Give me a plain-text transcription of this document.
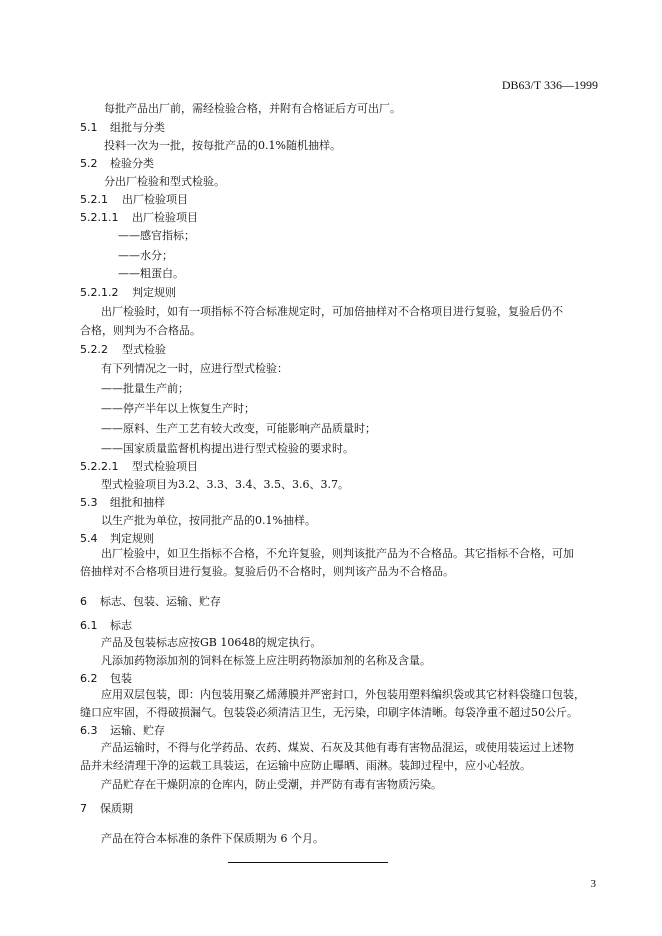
DB63/T 336—1999
每批产品出厂前，需经检验合格，并附有合格证后方可出厂。
5.1 组批与分类
投料一次为一批，按每批产品的0.1%随机抽样。
5.2 检验分类
分出厂检验和型式检验。
5.2.1 出厂检验项目
5.2.1.1 出厂检验项目
——感官指标；
——水分；
——粗蛋白。
5.2.1.2 判定规则
出厂检验时，如有一项指标不符合标准规定时，可加倍抽样对不合格项目进行复验，复验后仍不
合格，则判为不合格品。
5.2.2 型式检验
有下列情况之一时，应进行型式检验：
——批量生产前；
——停产半年以上恢复生产时；
——原料、生产工艺有较大改变，可能影响产品质量时；
——国家质量监督机构提出进行型式检验的要求时。
5.2.2.1 型式检验项目
型式检验项目为3.2、3.3、3.4、3.5、3.6、3.7。
5.3 组批和抽样
以生产批为单位，按同批产品的0.1%抽样。
5.4 判定规则
出厂检验中，如卫生指标不合格，不允许复验，则判该批产品为不合格品。其它指标不合格，可加
倍抽样对不合格项目进行复验。复验后仍不合格时，则判该产品为不合格品。
6 标志、包装、运输、贮存
6.1 标志
产品及包装标志应按GB 10648的规定执行。
凡添加药物添加剂的饲料在标签上应注明药物添加剂的名称及含量。
6.2 包装
应用双层包装，即：内包装用聚乙烯薄膜并严密封口，外包装用塑料编织袋或其它材料袋缝口包装，
缝口应牢固，不得破损漏气。包装袋必须清洁卫生，无污染，印刷字体清晰。每袋净重不超过50公斤。
6.3 运输、贮存
产品运输时，不得与化学药品、农药、煤炭、石灰及其他有毒有害物品混运，或使用装运过上述物
品并未经清理干净的运载工具装运，在运输中应防止曝晒、雨淋。装卸过程中，应小心轻放。
产品贮存在干燥阴凉的仓库内，防止受潮，并严防有毒有害物质污染。
7 保质期
产品在符合本标准的条件下保质期为 6 个月。
3
